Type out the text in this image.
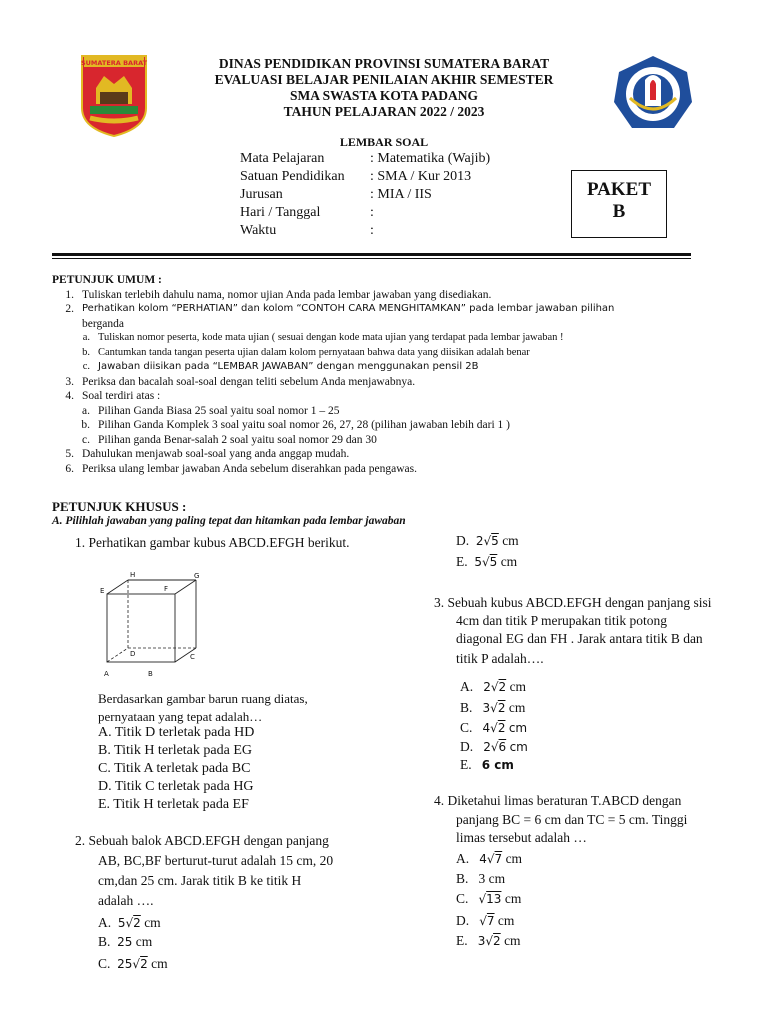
SUMATERA BARAT	DINAS PENDIDIKAN PROVINSI SUMATERA BARAT
EVALUASI BELAJAR PENILAIAN AKHIR SEMESTER
SMA SWASTA KOTA PADANG
TAHUN PELAJARAN 2022 / 2023
LEMBAR SOAL
Mata Pelajaran	: Matematika (Wajib)
Satuan Pendidikan	: SMA / Kur 2013
Jurusan	: MIA / IIS
Hari / Tanggal	:
Waktu	:
PAKET
B
PETUNJUK UMUM :
1. Tuliskan terlebih dahulu nama, nomor ujian Anda pada lembar jawaban yang disediakan.
2. Perhatikan kolom “PERHATIAN” dan kolom “CONTOH CARA MENGHITAMKAN” pada lembar jawaban pilihan
berganda
a. Tuliskan nomor peserta, kode mata ujian ( sesuai dengan kode mata ujian yang terdapat pada lembar jawaban !
b. Cantumkan tanda tangan peserta ujian dalam kolom pernyataan bahwa data yang diisikan adalah benar
c. Jawaban diisikan pada “LEMBAR JAWABAN” dengan menggunakan pensil 2B
3. Periksa dan bacalah soal-soal dengan teliti sebelum Anda menjawabnya.
4. Soal terdiri atas :
a. Pilihan Ganda Biasa 25 soal yaitu soal nomor 1 – 25
b. Pilihan Ganda Komplek 3 soal yaitu soal nomor 26, 27, 28 (pilihan jawaban lebih dari 1 )
c. Pilihan ganda Benar-salah 2 soal yaitu soal nomor 29 dan 30
5. Dahulukan menjawab soal-soal yang anda anggap mudah.
6. Periksa ulang lembar jawaban Anda sebelum diserahkan pada pengawas.
PETUNJUK KHUSUS :
A. Pilihlah jawaban yang paling tepat dan hitamkan pada lembar jawaban
1. Perhatikan gambar kubus ABCD.EFGH berikut.
H	G
E	F
D	C
A	B
Berdasarkan gambar barun ruang diatas,
pernyataan yang tepat adalah…
A. Titik D terletak pada HD
B. Titik H terletak pada EG
C. Titik A terletak pada BC
D. Titik C terletak pada HG
E. Titik H terletak pada EF
2. Sebuah balok ABCD.EFGH dengan panjang
AB, BC,BF berturut-turut adalah 15 cm, 20
cm,dan 25 cm. Jarak titik B ke titik H
adalah ….
A. 5√2 cm
B. 25 cm
C. 25√2 cm
D. 2√5 cm
E. 5√5 cm
3. Sebuah kubus ABCD.EFGH dengan panjang sisi
4cm dan titik P merupakan titik potong
diagonal EG dan FH . Jarak antara titik B dan
titik P adalah….
A. 2√2 cm
B. 3√2 cm
C. 4√2 cm
D. 2√6 cm
E. 6 cm
4. Diketahui limas beraturan T.ABCD dengan
panjang BC = 6 cm dan TC = 5 cm. Tinggi
limas tersebut adalah …
A. 4√7 cm
B. 3 cm
C. √13 cm
D. √7 cm
E. 3√2 cm
